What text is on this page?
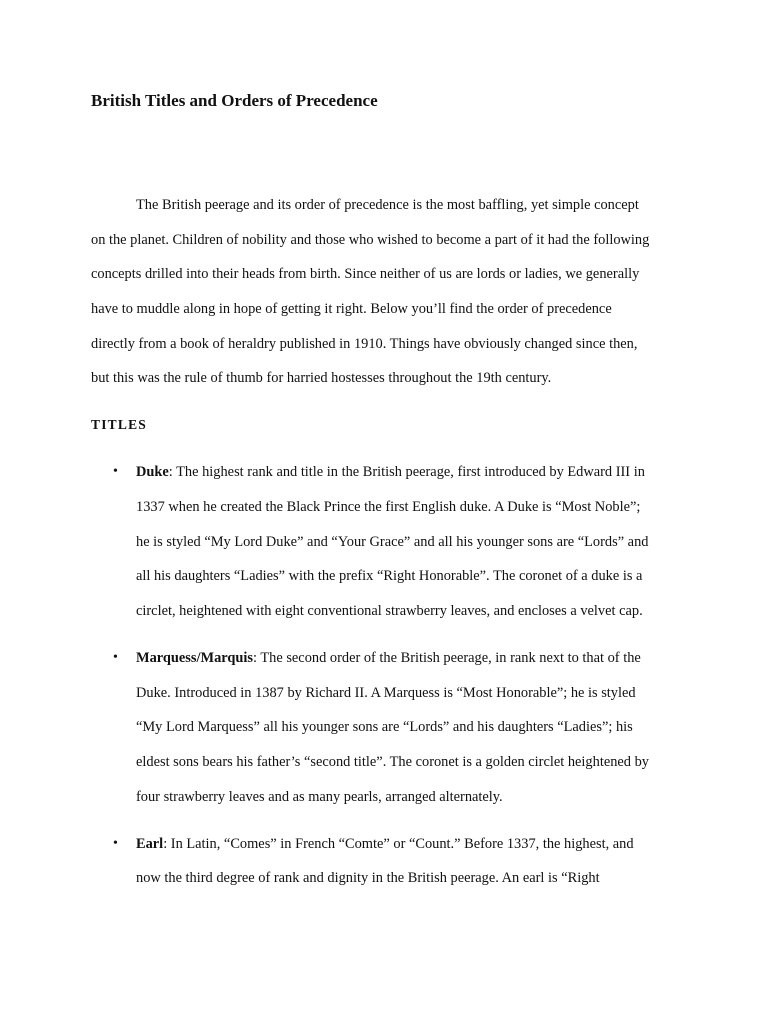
British Titles and Orders of Precedence
The British peerage and its order of precedence is the most baffling, yet simple concept
on the planet. Children of nobility and those who wished to become a part of it had the following
concepts drilled into their heads from birth. Since neither of us are lords or ladies, we generally
have to muddle along in hope of getting it right. Below you’ll find the order of precedence
directly from a book of heraldry published in 1910. Things have obviously changed since then,
but this was the rule of thumb for harried hostesses throughout the 19th century.
TITLES
• Duke: The highest rank and title in the British peerage, first introduced by Edward III in
1337 when he created the Black Prince the first English duke. A Duke is “Most Noble”;
he is styled “My Lord Duke” and “Your Grace” and all his younger sons are “Lords” and
all his daughters “Ladies” with the prefix “Right Honorable”. The coronet of a duke is a
circlet, heightened with eight conventional strawberry leaves, and encloses a velvet cap.
• Marquess/Marquis: The second order of the British peerage, in rank next to that of the
Duke. Introduced in 1387 by Richard II. A Marquess is “Most Honorable”; he is styled
“My Lord Marquess” all his younger sons are “Lords” and his daughters “Ladies”; his
eldest sons bears his father’s “second title”. The coronet is a golden circlet heightened by
four strawberry leaves and as many pearls, arranged alternately.
• Earl: In Latin, “Comes” in French “Comte” or “Count.” Before 1337, the highest, and
now the third degree of rank and dignity in the British peerage. An earl is “Right
